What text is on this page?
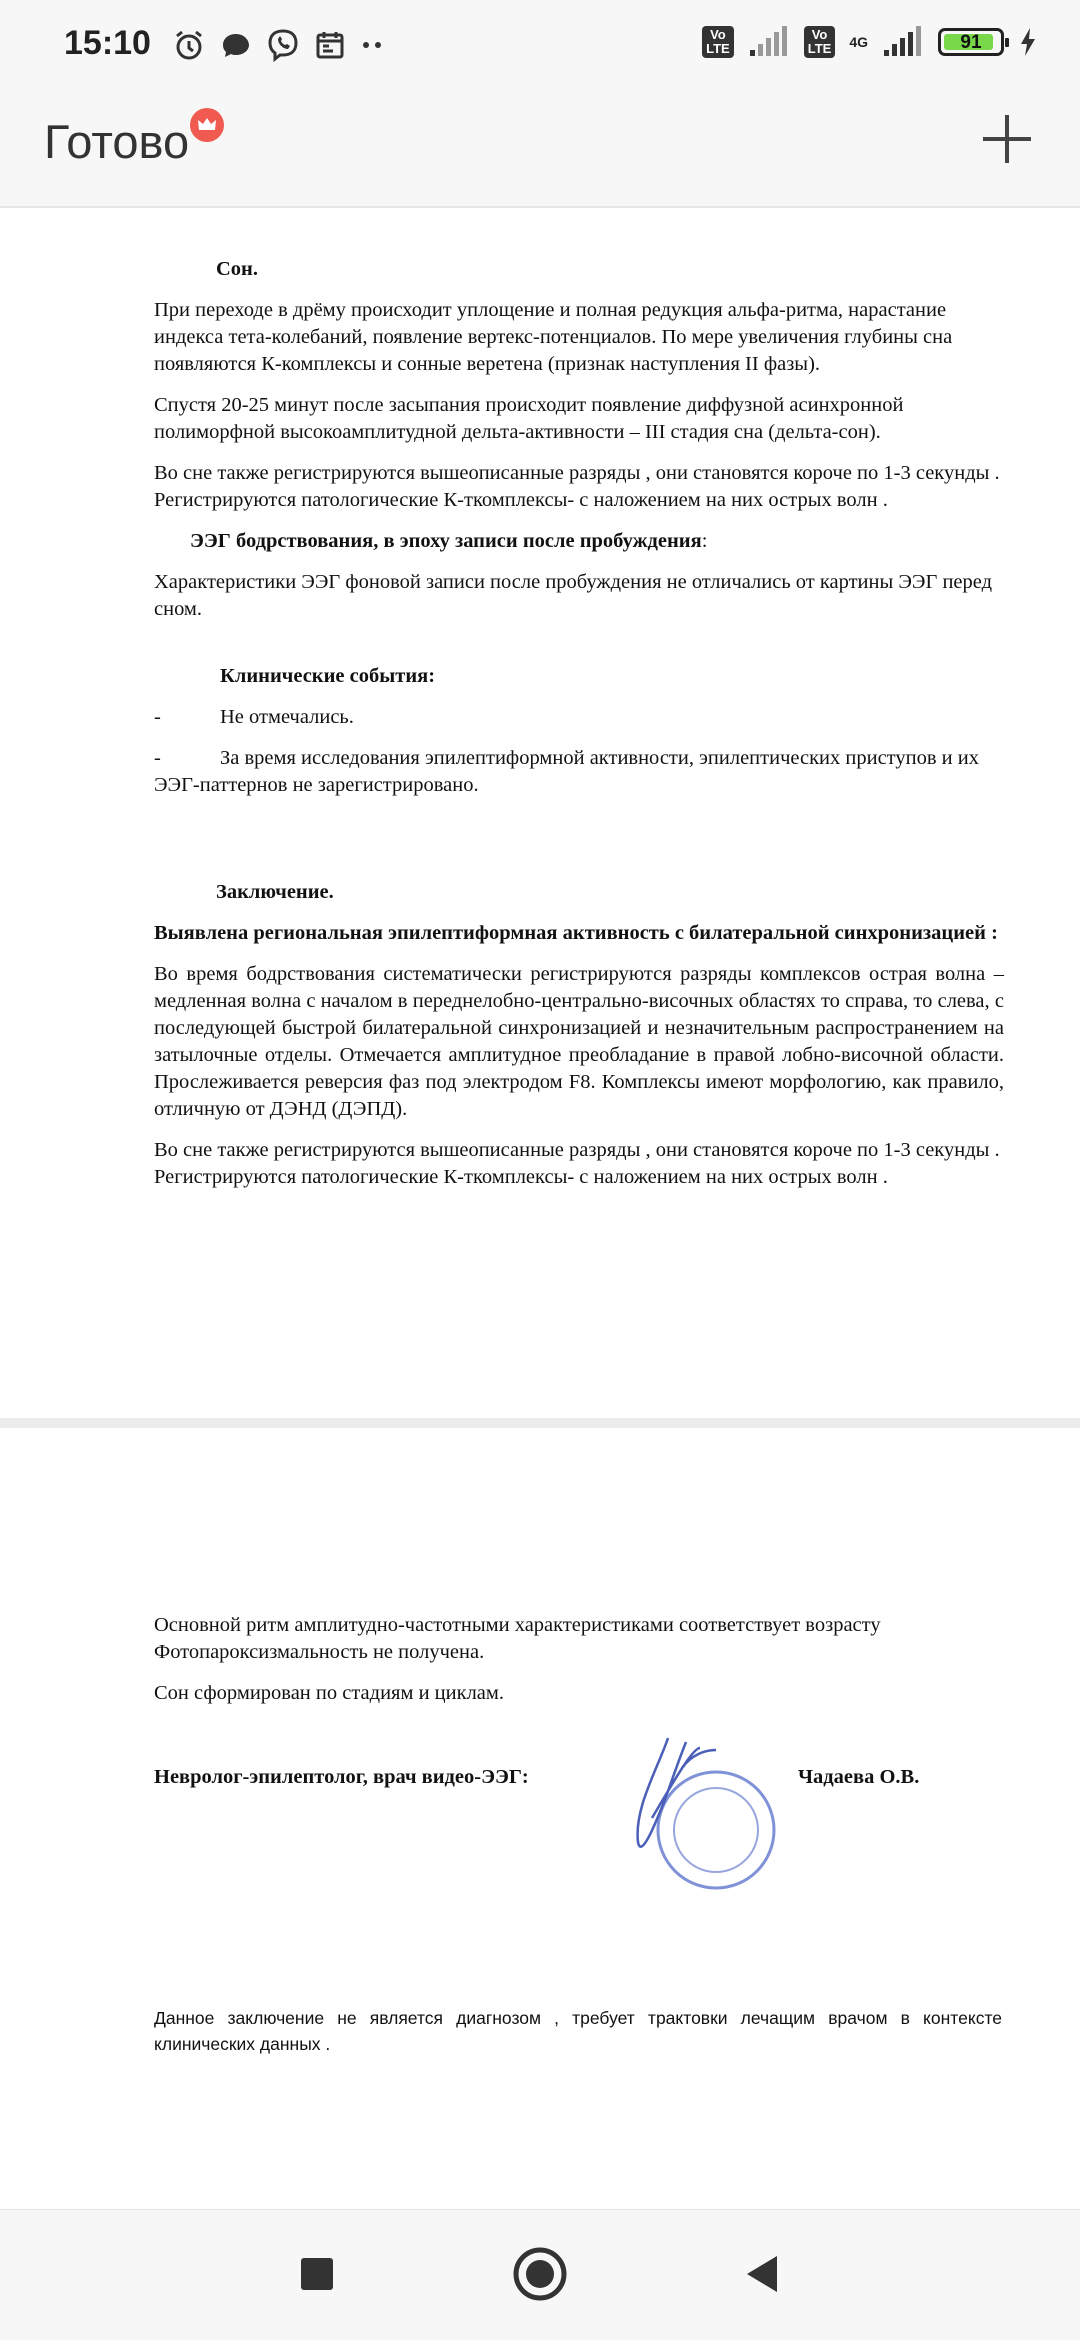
15:10	Vo
LTE
Vo
LTE 4G	91
Готово

Сон.

При переходе в дрёму происходит уплощение и полная редукция альфа-ритма, нарастание индекса тета-колебаний, появление вертекс-потенциалов. По мере увеличения глубины сна появляются К-комплексы и сонные веретена (признак наступления II фазы).

Спустя 20-25 минут после засыпания происходит появление диффузной асинхронной полиморфной высокоамплитудной дельта-активности – III стадия сна (дельта-сон).

Во сне также регистрируются вышеописанные разряды , они становятся короче по 1-3 секунды . Регистрируются патологические К-ткомплексы- с наложением на них острых волн .

ЭЭГ бодрствования, в эпоху записи после пробуждения:

Характеристики ЭЭГ фоновой записи после пробуждения не отличались от картины ЭЭГ перед сном.

Клинические события:

-	Не отмечались.

-	За время исследования эпилептиформной активности, эпилептических приступов и их ЭЭГ-паттернов не зарегистрировано.

Заключение.

Выявлена региональная эпилептиформная активность с билатеральной синхронизацией :

Во время бодрствования систематически регистрируются разряды комплексов острая волна – медленная волна с началом в переднелобно-центрально-височных областях то справа, то слева, с последующей быстрой билатеральной синхронизацией и незначительным распространением на затылочные отделы. Отмечается амплитудное преобладание в правой лобно-височной области. Прослеживается реверсия фаз под электродом F8. Комплексы имеют морфологию, как правило, отличную от ДЭНД (ДЭПД).

Во сне также регистрируются вышеописанные разряды , они становятся короче по 1-3 секунды . Регистрируются патологические К-ткомплексы- с наложением на них острых волн .

Основной ритм амплитудно-частотными характеристиками соответствует возрасту

Фотопароксизмальность не получена.

Сон сформирован по стадиям и циклам.

Невролог-эпилептолог, врач видео-ЭЭГ:	Чадаева О.В.
Данное заключение не является диагнозом , требует трактовки лечащим врачом в контексте клинических данных .
